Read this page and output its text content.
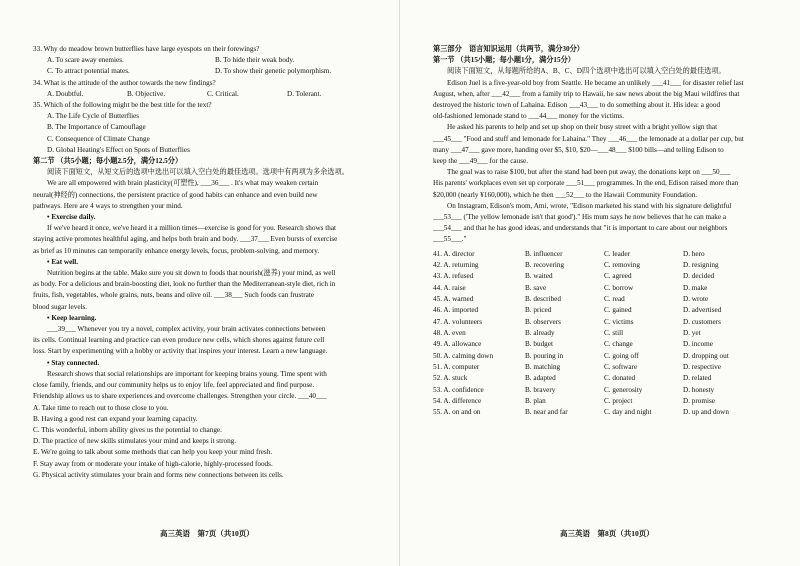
33. Why do meadow brown butterflies have large eyespots on their forewings?
A. To scare away enemies.	B. To hide their weak body.
C. To attract potential mates.	D. To show their genetic polymorphism.
34. What is the attitude of the author towards the new findings?
A. Doubtful.	B. Objective.	C. Critical.	D. Tolerant.
35. Which of the following might be the best title for the text?
A. The Life Cycle of Butterflies
B. The Importance of Camouflage
C. Consequence of Climate Change
D. Global Heating's Effect on Spots of Butterflies
第二节 （共5小题；每小题2.5分，满分12.5分）
阅读下面短文，从短文后的选项中选出可以填入空白处的最佳选项。选项中有两项为多余选项。
We are all empowered with brain plasticity(可塑性), ___36___ . It's what may weaken certain
neural(神经的) connections, the persistent practice of good habits can enhance and even build new
pathways. Here are 4 ways to strengthen your mind.
• Exercise daily.
If we've heard it once, we've heard it a million times—exercise is good for you. Research shows that
staying active promotes healthful aging, and helps both brain and body. ___37___ Even bursts of exercise
as brief as 10 minutes can temporarily enhance energy levels, focus, problem-solving, and memory.
• Eat well.
Nutrition begins at the table. Make sure you sit down to foods that nourish(滋养) your mind, as well
as body. For a delicious and brain-boosting diet, look no further than the Mediterranean-style diet, rich in
fruits, fish, vegetables, whole grains, nuts, beans and olive oil. ___38___ Such foods can frustrate
blood sugar levels.
• Keep learning.
___39___ Whenever you try a novel, complex activity, your brain activates connections between
its cells. Continual learning and practice can even produce new cells, which shores against future cell
loss. Start by experimenting with a hobby or activity that inspires your interest. Learn a new language.
• Stay connected.
Research shows that social relationships are important for keeping brains young. Time spent with
close family, friends, and our community helps us to enjoy life, feel appreciated and find purpose.
Friendship allows us to share experiences and overcome challenges. Strengthen your circle. ___40___
A. Take time to reach out to those close to you.
B. Having a good rest can expand your learning capacity.
C. This wonderful, inborn ability gives us the potential to change.
D. The practice of new skills stimulates your mind and keeps it strong.
E. We're going to talk about some methods that can help you keep your mind fresh.
F. Stay away from or moderate your intake of high-calorie, highly-processed foods.
G. Physical activity stimulates your brain and forms new connections between its cells.
高三英语　第7页（共10页）
第三部分　语言知识运用（共两节，满分30分）
第一节 （共15小题；每小题1分，满分15分）
阅读下面短文，从每题所给的A、B、C、D四个选项中选出可以填入空白处的最佳选项。
Edison Juel is a five-year-old boy from Seattle. He became an unlikely ___41___ for disaster relief last
August, when, after ___42___ from a family trip to Hawaii, he saw news about the big Maui wildfires that
destroyed the historic town of Lahaina. Edison ___43___ to do something about it. His idea: a good
old-fashioned lemonade stand to ___44___ money for the victims.
He asked his parents to help and set up shop on their busy street with a bright yellow sign that
___45___ "Food and stuff and lemonade for Lahaina." They ___46___ the lemonade at a dollar per cup, but
many ___47___ gave more, handing over $5, $10, $20—___48___ $100 bills—and telling Edison to
keep the ___49___ for the cause.
The goal was to raise $100, but after the stand had been put away, the donations kept on ___50___
His parents' workplaces even set up corporate ___51___ programmes. In the end, Edison raised more than
$20,000 (nearly ¥160,000), which he then ___52___ to the Hawaii Community Foundation.
On Instagram, Edison's mom, Ami, wrote, "Edison marketed his stand with his signature delightful
___53___ ('The yellow lemonade isn't that good')." His mum says he now believes that he can make a
___54___ and that he has good ideas, and understands that "it is important to care about our neighbors
___55___."
41. A. director	B. influencer	C. leader	D. hero
42. A. returning	B. recovering	C. removing	D. resigning
43. A. refused	B. waited	C. agreed	D. decided
44. A. raise	B. save	C. borrow	D. make
45. A. warned	B. described	C. read	D. wrote
46. A. imported	B. priced	C. gained	D. advertised
47. A. volunteers	B. observers	C. victims	D. customers
48. A. even	B. already	C. still	D. yet
49. A. allowance	B. budget	C. change	D. income
50. A. calming down	B. pouring in	C. going off	D. dropping out
51. A. computer	B. matching	C. software	D. respective
52. A. stuck	B. adapted	C. donated	D. related
53. A. confidence	B. bravery	C. generosity	D. honesty
54. A. difference	B. plan	C. project	D. promise
55. A. on and on	B. near and far	C. day and night	D. up and down
高三英语　第8页（共10页）
